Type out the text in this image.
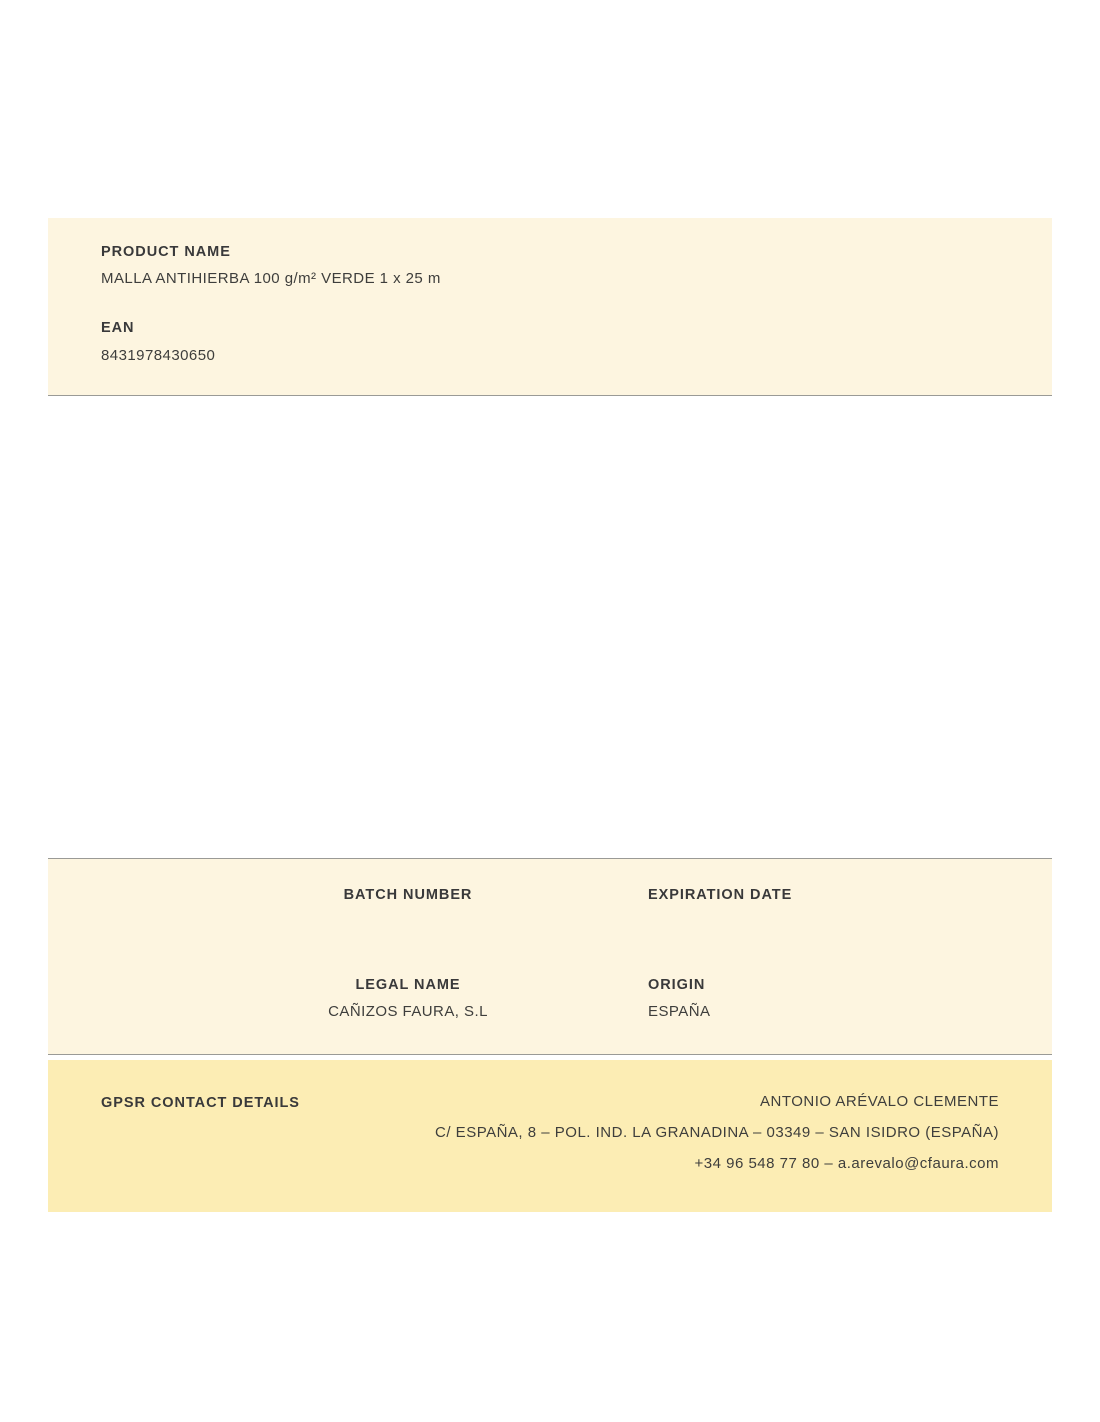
PRODUCT NAME

MALLA ANTIHIERBA 100 g/m² VERDE 1 x 25 m

EAN

8431978430650

BATCH NUMBER	EXPIRATION DATE

LEGAL NAME

CAÑIZOS FAURA, S.L

ORIGIN

ESPAÑA

GPSR CONTACT DETAILS	ANTONIO ARÉVALO CLEMENTE

C/ ESPAÑA, 8 – POL. IND. LA GRANADINA – 03349 – SAN ISIDRO (ESPAÑA)

+34 96 548 77 80 – a.arevalo@cfaura.com
